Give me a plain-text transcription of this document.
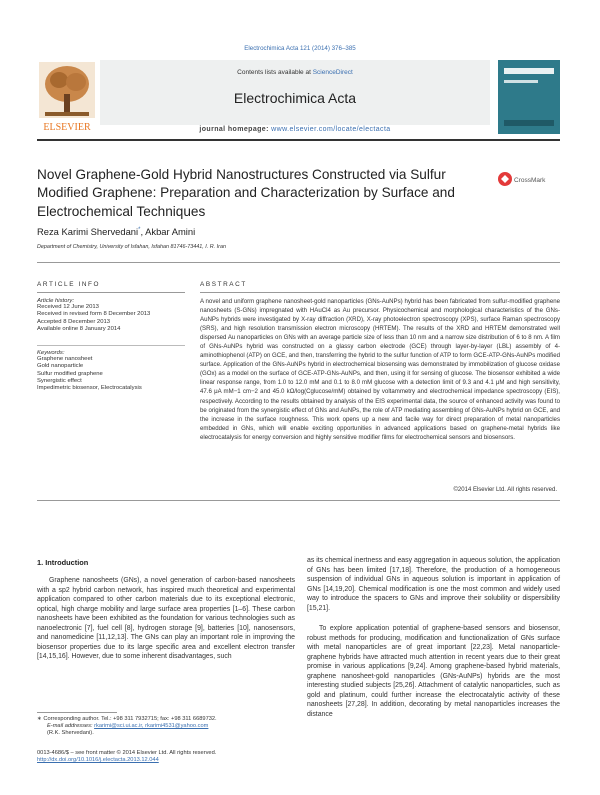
Electrochimica Acta 121 (2014) 376–385
ELSEVIER
Contents lists available at ScienceDirect
Electrochimica Acta
journal homepage: www.elsevier.com/locate/electacta
Novel Graphene-Gold Hybrid Nanostructures Constructed via Sulfur Modified Graphene: Preparation and Characterization by Surface and Electrochemical Techniques
CrossMark
Reza Karimi Shervedani*, Akbar Amini
Department of Chemistry, University of Isfahan, Isfahan 81746-73441, I. R. Iran
ARTICLE INFO	ABSTRACT
Article history:
Received 12 June 2013
Received in revised form 8 December 2013
Accepted 8 December 2013
Available online 8 January 2014
Keywords:
Graphene nanosheet
Gold nanoparticle
Sulfur modified graphene
Synergistic effect
Impedimetric biosensor, Electrocatalysis
A novel and uniform graphene nanosheet-gold nanoparticles (GNs-AuNPs) hybrid has been fabricated from sulfur-modified graphene nanosheets (S-GNs) impregnated with HAuCl4 as Au precursor. Physicochemical and morphological characteristics of the GNs-AuNPs hybrids were investigated by X-ray diffraction (XRD), X-ray photoelectron spectroscopy (XPS), surface Raman spectroscopy (SRS), and high resolution transmission electron microscopy (HRTEM). The results of the XRD and HRTEM demonstrated well dispersed Au nanoparticles on GNs with an average particle size of less than 10 nm and a narrow size distribution of 6 to 8 nm. A film of GNs-AuNPs hybrid was constructed on a glassy carbon electrode (GCE) through layer-by-layer (LBL) assembly of 4-aminothiophenol (ATP) on GCE, and then, transferring the hybrid to the sulfur function of ATP to form GCE-ATP-GNs-AuNPs modified surface. Application of the GNs-AuNPs hybrid in electrochemical biosensing was demonstrated by immobilization of glucose oxidase (GOx) as a model on the surface of GCE-ATP-GNs-AuNPs, and then, using it for sensing of glucose. The biosensor exhibited a wide linear response range, from 1.0 to 12.0 mM and 0.1 to 8.0 mM glucose with a detection limit of 9.3 and 4.1 μM and high sensitivity, 47.6 μA mM−1 cm−2 and 45.0 kΩ/log(Cglucose/mM) obtained by voltammetry and electrochemical impedance spectroscopy (EIS), respectively. According to the results obtained by analysis of the EIS experimental data, the source of enhanced activity was found to be originated from the synergistic effect of GNs and AuNPs, the role of ATP mediating assembling of GNs-AuNPs hybrid on GCE, and the increase in the surface roughness. This work opens up a new and facile way for direct preparation of metal nanoparticles embedded in GNs, which will enable exciting opportunities in advanced applications based on graphene-metal hybrids like electrocatalysis for energy conversion and highly sensitive modifier films for electrochemical sensors and biosensors.
©2014 Elsevier Ltd. All rights reserved.
1. Introduction
Graphene nanosheets (GNs), a novel generation of carbon-based nanosheets with a sp2 hybrid carbon network, has inspired much theoretical and experimental application compared to other carbon materials due to its exceptional electronic, optical, high charge mobility and large surface area properties [1–6]. These carbon nanosheets have been exhibited as the foundation for various technologies such as nanoelectronic [7], fuel cell [8], hydrogen storage [9], batteries [10], nanosensors, and nanomedicine [11,12,13]. The GNs can play an important role in improving the biosensor properties due to its large specific area and excellent electron transfer [14,15,16]. However, due to some inherent disadvantages, such
as its chemical inertness and easy aggregation in aqueous solution, the application of GNs has been limited [17,18]. Therefore, the production of a homogeneous suspension of individual GNs in aqueous solution is important in application of GNs [14,19,20]. Chemical modification is one the most common and widely used way to introduce the spacers to GNs and improve their solubility or dispersibility [15,21].
To explore application potential of graphene-based sensors and biosensor, robust methods for producing, modification and functionalization of GNs surface with metal nanoparticles are of great important [22,23]. Metal nanoparticle-graphene hybrids have attracted much attention in recent years due to their great promise in various applications [9,24]. Among graphene-based hybrid materials, graphene nanosheet-gold nanoparticles (GNs-AuNPs) hybrids are the most interesting studied subjects [25,26]. Attachment of catalytic nanoparticles, such as gold and platinum, could further increase the electrocatalytic activity of these nanosheets [27,28]. In addition, decorating by metal nanoparticles increases the distance
∗ Corresponding author. Tel.: +98 311 7932715; fax: +98 311 6689732.
E-mail addresses: rkarimi@sci.ui.ac.ir, rkarimi4531@yahoo.com
(R.K. Shervedani).
0013-4686/$ – see front matter © 2014 Elsevier Ltd. All rights reserved.
http://dx.doi.org/10.1016/j.electacta.2013.12.044
